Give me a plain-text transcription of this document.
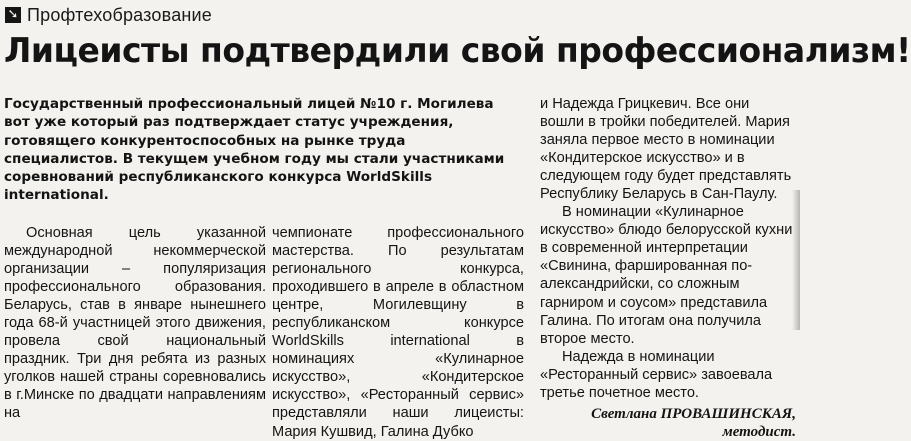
➘ Профтехобразование
Лицеисты подтвердили свой профессионализм!

Государственный профессиональный лицей №10 г. Могилева вот уже который раз подтверждает статус учреждения, готовящего конкурентоспособных на рынке труда специалистов. В текущем учебном году мы стали участниками соревнований республиканского конкурса WorldSkills international.

Основная цель указанной международной некоммерческой организации – популяризация профессионального образования. Беларусь, став в январе нынешнего года 68-й участницей этого движения, провела свой национальный праздник. Три дня ребята из разных уголков нашей страны соревновались в г.Минске по двадцати направлениям на

чемпионате профессионального мастерства. По результатам регионального конкурса, проходившего в апреле в областном центре, Могилевщину в республиканском конкурсе WorldSkills international в номинациях «Кулинарное искусство», «Кондитерское искусство», «Ресторанный сервис» представляли наши лицеисты: Мария Кушвид, Галина Дубко

и Надежда Грицкевич. Все они вошли в тройки победителей. Мария заняла первое место в номинации «Кондитерское искусство» и в следующем году будет представлять Республику Беларусь в Сан-Паулу.

В номинации «Кулинарное искусство» блюдо белорусской кухни в современной интерпретации «Свинина, фаршированная по-александрийски, со сложным гарниром и соусом» представила Галина. По итогам она получила второе место.

Надежда в номинации «Ресторанный сервис» завоевала третье почетное место.

Светлана ПРОВАШИНСКАЯ,
методист.
